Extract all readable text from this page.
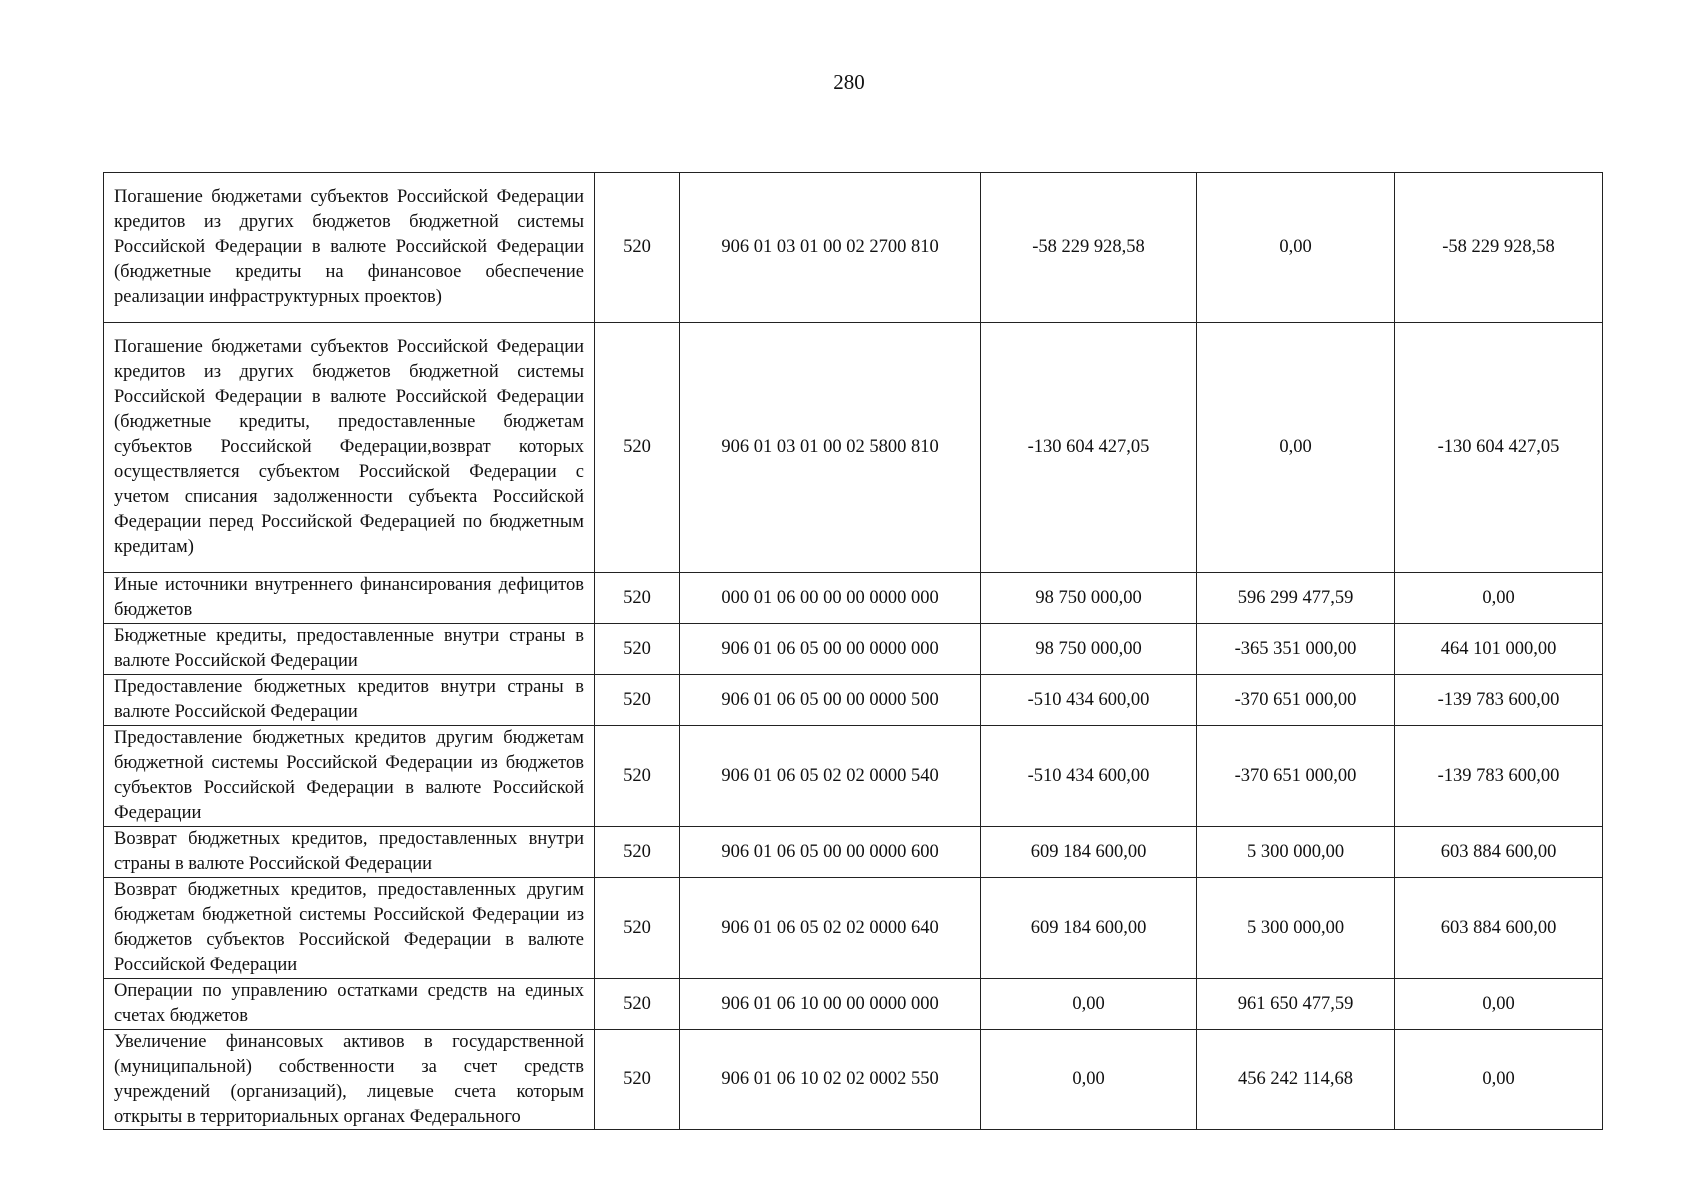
280
Погашение бюджетами субъектов Российской Федерации кредитов из других бюджетов бюджетной системы Российской Федерации в валюте Российской Федерации (бюджетные кредиты на финансовое обеспечение реализации инфраструктурных проектов)	520	906 01 03 01 00 02 2700 810	-58 229 928,58	0,00	-58 229 928,58
Погашение бюджетами субъектов Российской Федерации кредитов из других бюджетов бюджетной системы Российской Федерации в валюте Российской Федерации (бюджетные кредиты, предоставленные бюджетам субъектов Российской Федерации,возврат которых осуществляется субъектом Российской Федерации с учетом списания задолженности субъекта Российской Федерации перед Российской Федерацией по бюджетным кредитам)	520	906 01 03 01 00 02 5800 810	-130 604 427,05	0,00	-130 604 427,05
Иные источники внутреннего финансирования дефицитов бюджетов	520	000 01 06 00 00 00 0000 000	98 750 000,00	596 299 477,59	0,00
Бюджетные кредиты, предоставленные внутри страны в валюте Российской Федерации	520	906 01 06 05 00 00 0000 000	98 750 000,00	-365 351 000,00	464 101 000,00
Предоставление бюджетных кредитов внутри страны в валюте Российской Федерации	520	906 01 06 05 00 00 0000 500	-510 434 600,00	-370 651 000,00	-139 783 600,00
Предоставление бюджетных кредитов другим бюджетам бюджетной системы Российской Федерации из бюджетов субъектов Российской Федерации в валюте Российской Федерации	520	906 01 06 05 02 02 0000 540	-510 434 600,00	-370 651 000,00	-139 783 600,00
Возврат бюджетных кредитов, предоставленных внутри страны в валюте Российской Федерации	520	906 01 06 05 00 00 0000 600	609 184 600,00	5 300 000,00	603 884 600,00
Возврат бюджетных кредитов, предоставленных другим бюджетам бюджетной системы Российской Федерации из бюджетов субъектов Российской Федерации в валюте Российской Федерации	520	906 01 06 05 02 02 0000 640	609 184 600,00	5 300 000,00	603 884 600,00
Операции по управлению остатками средств на единых счетах бюджетов	520	906 01 06 10 00 00 0000 000	0,00	961 650 477,59	0,00

Увеличение финансовых активов в государственной (муниципальной) собственности за счет средств учреждений (организаций), лицевые счета которым открыты в территориальных органах Федерального	520	906 01 06 10 02 02 0002 550	0,00	456 242 114,68	0,00
